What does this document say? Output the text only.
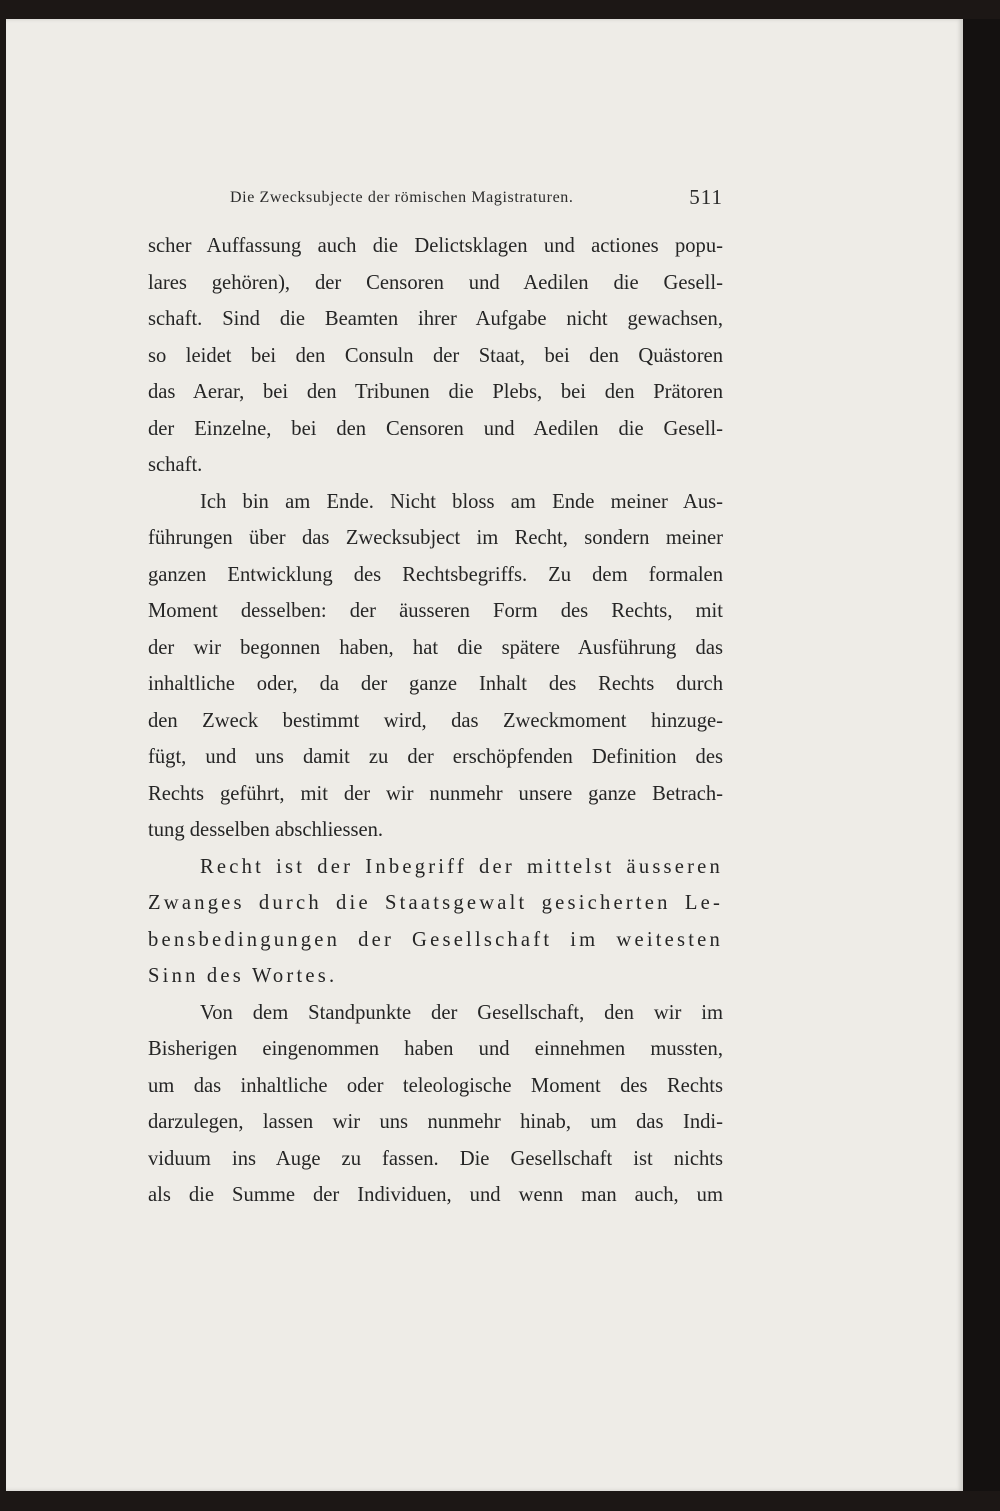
Die Zwecksubjecte der römischen Magistraturen.	511
scher Auffassung auch die Delictsklagen und actiones popu-
lares gehören), der Censoren und Aedilen die Gesell-
schaft. Sind die Beamten ihrer Aufgabe nicht gewachsen,
so leidet bei den Consuln der Staat, bei den Quästoren
das Aerar, bei den Tribunen die Plebs, bei den Prätoren
der Einzelne, bei den Censoren und Aedilen die Gesell-
schaft.
Ich bin am Ende. Nicht bloss am Ende meiner Aus-
führungen über das Zwecksubject im Recht, sondern meiner
ganzen Entwicklung des Rechtsbegriffs. Zu dem formalen
Moment desselben: der äusseren Form des Rechts, mit
der wir begonnen haben, hat die spätere Ausführung das
inhaltliche oder, da der ganze Inhalt des Rechts durch
den Zweck bestimmt wird, das Zweckmoment hinzuge-
fügt, und uns damit zu der erschöpfenden Definition des
Rechts geführt, mit der wir nunmehr unsere ganze Betrach-
tung desselben abschliessen.
Recht ist der Inbegriff der mittelst äusseren
Zwanges durch die Staatsgewalt gesicherten Le-
bensbedingungen der Gesellschaft im weitesten
Sinn des Wortes.
Von dem Standpunkte der Gesellschaft, den wir im
Bisherigen eingenommen haben und einnehmen mussten,
um das inhaltliche oder teleologische Moment des Rechts
darzulegen, lassen wir uns nunmehr hinab, um das Indi-
viduum ins Auge zu fassen. Die Gesellschaft ist nichts
als die Summe der Individuen, und wenn man auch, um
